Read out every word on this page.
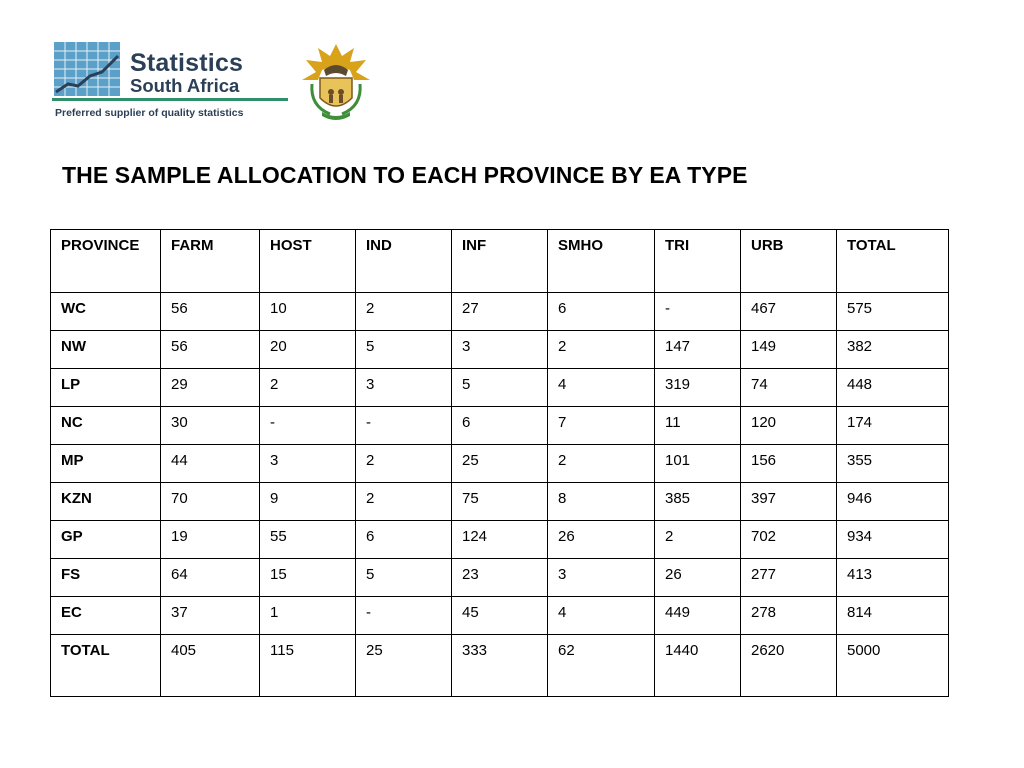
Statistics
South Africa
Preferred supplier of quality statistics
THE SAMPLE ALLOCATION TO EACH PROVINCE BY EA TYPE
PROVINCE	FARM	HOST	IND	INF	SMHO	TRI	URB	TOTAL
WC	56	10	2	27	6	-	467	575
NW	56	20	5	3	2	147	149	382
LP	29	2	3	5	4	319	74	448
NC	30	-	-	6	7	11	120	174
MP	44	3	2	25	2	101	156	355
KZN	70	9	2	75	8	385	397	946
GP	19	55	6	124	26	2	702	934
FS	64	15	5	23	3	26	277	413
EC	37	1	-	45	4	449	278	814
TOTAL	405	115	25	333	62	1440	2620	5000
